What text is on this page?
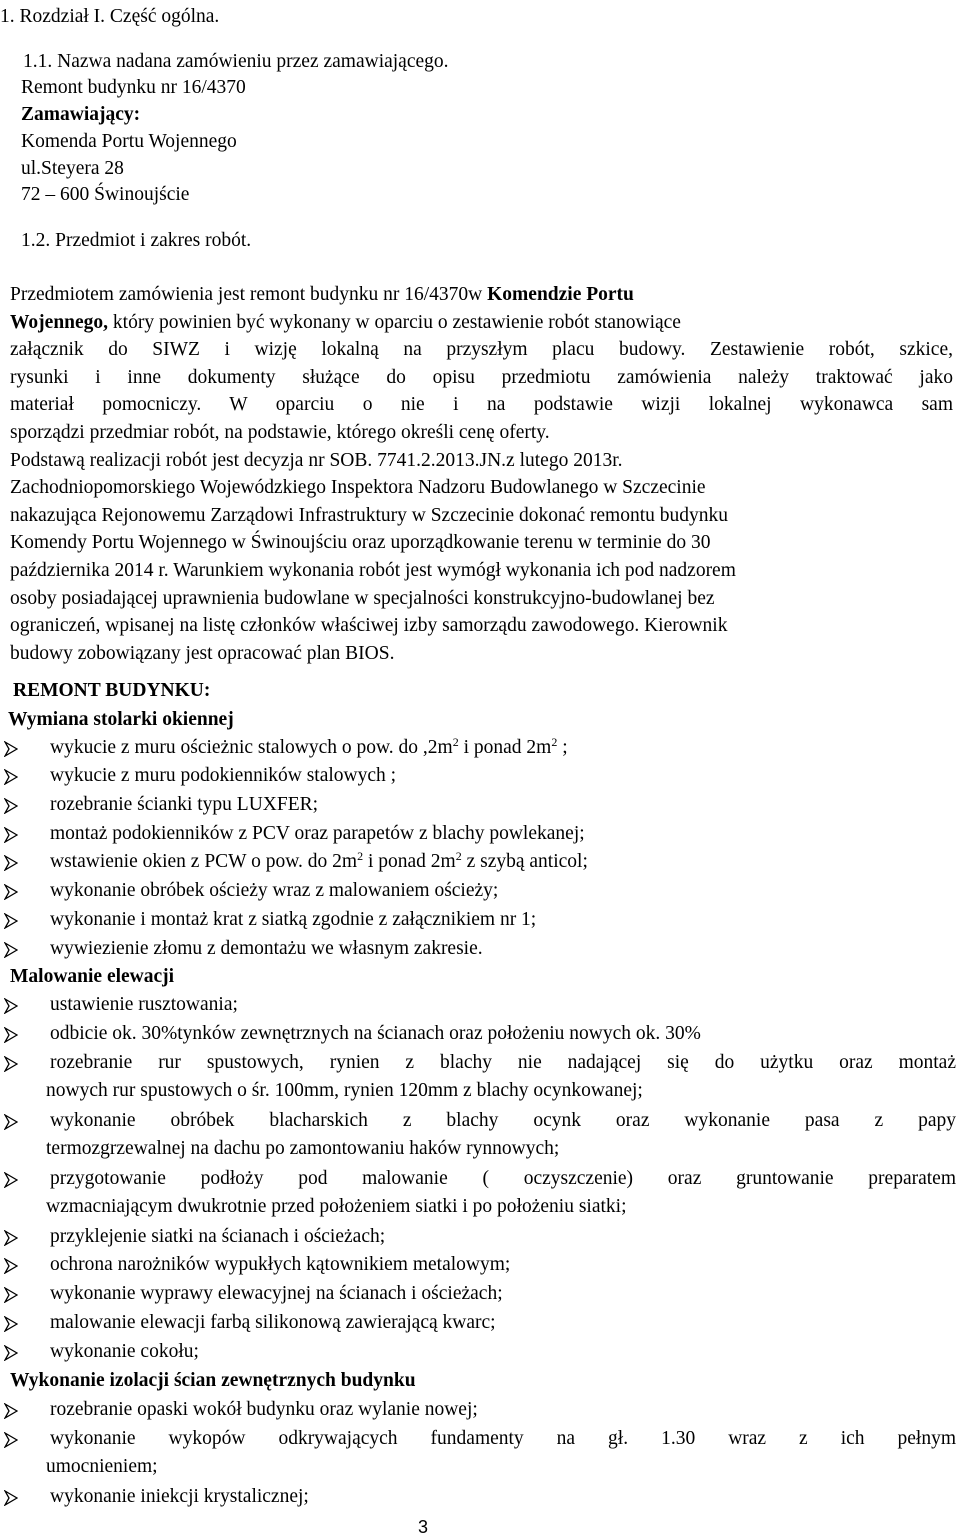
1. Rozdział I. Część ogólna.
1.1. Nazwa nadana zamówieniu przez zamawiającego.
Remont budynku nr 16/4370
Zamawiający:
Komenda Portu Wojennego
ul.Steyera 28
72 – 600 Świnoujście
1.2. Przedmiot i zakres robót.
Przedmiotem zamówienia jest remont budynku nr 16/4370w Komendzie Portu
Wojennego, który powinien być wykonany w oparciu o zestawienie robót stanowiące
załącznik do SIWZ i wizję lokalną na przyszłym placu budowy. Zestawienie robót, szkice,
rysunki i inne dokumenty służące do opisu przedmiotu zamówienia należy traktować jako
materiał pomocniczy. W oparciu o nie i na podstawie wizji lokalnej wykonawca sam
sporządzi przedmiar robót, na podstawie, którego określi cenę oferty.
Podstawą realizacji robót jest decyzja nr SOB. 7741.2.2013.JN.z lutego 2013r.
Zachodniopomorskiego Wojewódzkiego Inspektora Nadzoru Budowlanego w Szczecinie
nakazująca Rejonowemu Zarządowi Infrastruktury w Szczecinie dokonać remontu budynku
Komendy Portu Wojennego w Świnoujściu oraz uporządkowanie terenu w terminie do 30
października 2014 r. Warunkiem wykonania robót jest wymógł wykonania ich pod nadzorem
osoby posiadającej uprawnienia budowlane w specjalności konstrukcyjno-budowlanej bez
ograniczeń, wpisanej na listę członków właściwej izby samorządu zawodowego. Kierownik
budowy zobowiązany jest opracować plan BIOS.
REMONT BUDYNKU:
Wymiana stolarki okiennej
wykucie z muru ościeżnic stalowych o pow. do $,2m^2$ i ponad $2m^2$ ;
wykucie z muru podokienników stalowych ;
rozebranie ścianki typu LUXFER;
montaż podokienników z PCV oraz parapetów z blachy powlekanej;
wstawienie okien z PCW o pow. do $2m^2$ i ponad $2m^2$ z szybą anticol;
wykonanie obróbek ościeży wraz z malowaniem ościeży;
wykonanie i montaż krat z siatką zgodnie z załącznikiem nr 1;
wywiezienie złomu z demontażu we własnym zakresie.
Malowanie elewacji
ustawienie rusztowania;
odbicie ok. 30%tynków zewnętrznych na ścianach oraz położeniu nowych ok. 30%
rozebranie rur spustowych, rynien z blachy nie nadającej się do użytku oraz montaż
nowych rur spustowych o śr. 100mm, rynien 120mm z blachy ocynkowanej;
wykonanie obróbek blacharskich z blachy ocynk oraz wykonanie pasa z papy
termozgrzewalnej na dachu po zamontowaniu haków rynnowych;
przygotowanie podłoży pod malowanie ( oczyszczenie) oraz gruntowanie preparatem
wzmacniającym dwukrotnie przed położeniem siatki i po położeniu siatki;
przyklejenie siatki na ścianach i ościeżach;
ochrona narożników wypukłych kątownikiem metalowym;
wykonanie wyprawy elewacyjnej na ścianach i ościeżach;
malowanie elewacji farbą silikonową zawierającą kwarc;
wykonanie cokołu;
Wykonanie izolacji ścian zewnętrznych budynku
rozebranie opaski wokół budynku oraz wylanie nowej;
wykonanie wykopów odkrywających fundamenty na gł. 1.30 wraz z ich pełnym
umocnieniem;
wykonanie iniekcji krystalicznej;
3
